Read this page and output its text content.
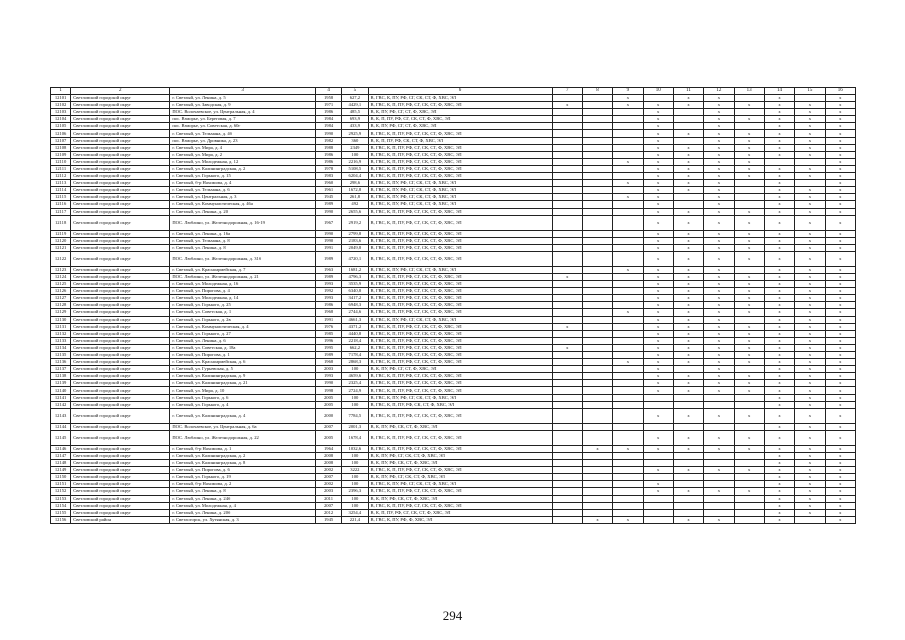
1	2	3	4	5	6	7	8	9	10	11	12	13	14	15	16
12101	Светловский городской округ	г. Светлый, ул. Ленина, д. 5	1958	627,2	В, ГВС, К, ПУ, РФ, СГ, СК, СТ, Ф, ХВС, ЭЛ			x		x	x		x		x
12102	Светловский городской округ	г. Светлый, ул. Заводская, д. 9	1971	4429,1	В, ГВС, К, П, ПУ, РФ, СГ, СК, СТ, Ф, ХВС, ЭЛ	x		x	x	x	x	x	x	x	x
12103	Светловский городской округ	ПОС. Волочаевское, ул. Центральная, д. 4	1986	485,5	В, К, ПУ, РФ, СГ, СТ, Ф, ХВС, ЭЛ				x		x		x	x	x
12104	Светловский городской округ	пос. Взморье, ул. Береговая, д. 7	1984	693,9	В, К, П, ПУ, РФ, СГ, СК, СТ, Ф, ХВС, ЭЛ				x		x	x	x	x	x
12105	Светловский городской округ	пос. Взморье, ул. Советская, д. 60г	1984	433,9	В, К, ПУ, РФ, СГ, СТ, Ф, ХВС, ЭЛ				x		x		x	x	x
12106	Светловский городской округ	г. Светлый, ул. Тельмана, д. 4б	1990	2925,9	В, ГВС, К, П, ПУ, РФ, СГ, СК, СТ, Ф, ХВС, ЭЛ				x	x	x	x	x	x	x
12107	Светловский городской округ	пос. Взморье, ул. Дровника, д. 23	1982	360	В, К, П, ПУ, РФ, СК, СТ, Ф, ХВС, ЭЛ				x		x	x	x	x	x
12108	Светловский городской округ	г. Светлый, ул. Мира, д. 4	1988	2349	В, ГВС, К, П, ПУ, РФ, СГ, СК, СТ, Ф, ХВС, ЭЛ				x	x	x	x	x	x	x
12109	Светловский городской округ	г. Светлый, ул. Мира, д. 2	1986	100	В, ГВС, К, П, ПУ, РФ, СГ, СК, СТ, Ф, ХВС, ЭЛ				x	x	x	x	x	x	x
12110	Светловский городской округ	г. Светлый, ул. Молодежная, д. 12	1986	2216,9	В, ГВС, К, П, ПУ, РФ, СГ, СК, СТ, Ф, ХВС, ЭЛ			x	x	x	x	x			x
12111	Светловский городской округ	г. Светлый, ул. Калининградская, д. 2	1978	5108,5	В, ГВС, К, П, ПУ, РФ, СГ, СК, СТ, Ф, ХВС, ЭЛ				x	x	x	x	x	x	x
12112	Светловский городской округ	г. Светлый, ул. Горького, д. 15	1983	6204,4	В, ГВС, К, П, ПУ, РФ, СГ, СК, СТ, Ф, ХВС, ЭЛ				x	x	x	x	x	x	x
12113	Светловский городской округ	г. Светлый, б-р Нахимова, д. 4	1960	298,6	В, ГВС, К, ПУ, РФ, СГ, СК, СТ, Ф, ХВС, ЭЛ			x	x	x	x		x		x
12114	Светловский городской округ	г. Светлый, ул. Тельмана, д. 6	1961	1672,8	В, ГВС, К, ПУ, РФ, СГ, СК, СТ, Ф, ХВС, ЭЛ				x	x	x		x	x	x
12115	Светловский городской округ	г. Светлый, ул. Центральная, д. 3	1945	261,8	В, ГВС, К, ПУ, РФ, СГ, СК, СТ, Ф, ХВС, ЭЛ			x	x		x		x	x	x
12116	Светловский городской округ	г. Светлый, ул. Коммунистическая, д. 46а	1989	492	В, ГВС, К, ПУ, РФ, СГ, СК, СТ, Ф, ХВС, ЭЛ				x		x		x	x	x
12117	Светловский городской округ	г. Светлый, ул. Ленина, д. 20	1990	2655,6	В, ГВС, К, П, ПУ, РФ, СГ, СК, СТ, Ф, ХВС, ЭЛ				x	x	x	x	x	x	x
12118	Светловский городской округ	ПОС. Люблино, ул. Железнодорожная, д. 16-19	1967	2919,2	В, ГВС, К, П, ПУ, РФ, СГ, СК, СТ, Ф, ХВС, ЭЛ				x	x	x	x	x	x	x
12119	Светловский городской округ	г. Светлый, ул. Ленина, д. 16а	1990	2799,8	В, ГВС, К, П, ПУ, РФ, СГ, СК, СТ, Ф, ХВС, ЭЛ				x	x	x	x	x	x	x
12120	Светловский городской округ	г. Светлый, ул. Тельмана, д. 8	1990	2183,6	В, ГВС, К, П, ПУ, РФ, СГ, СК, СТ, Ф, ХВС, ЭЛ				x	x	x	x	x	x	x
12121	Светловский городской округ	г. Светлый, ул. Ленина, д. 8	1991	2049,8	В, ГВС, К, П, ПУ, РФ, СГ, СК, СТ, Ф, ХВС, ЭЛ				x	x	x	x	x	x	x
12122	Светловский городской округ	ПОС. Люблино, ул. Железнодорожная, д. 31б	1989	4720,1	В, ГВС, К, П, ПУ, РФ, СГ, СК, СТ, Ф, ХВС, ЭЛ				x	x	x	x	x	x	x
12123	Светловский городской округ	г. Светлый, ул. Красноармейская, д. 7	1963	1681,2	В, ГВС, К, ПУ, РФ, СГ, СК, СТ, Ф, ХВС, ЭЛ			x	x	x	x		x	x	x
12124	Светловский городской округ	ПОС. Люблино, ул. Железнодорожная, д. 21	1989	4796,3	В, ГВС, К, П, ПУ, РФ, СГ, СК, СТ, Ф, ХВС, ЭЛ	x			x	x	x	x	x	x	x
12125	Светловский городской округ	г. Светлый, ул. Молодежная, д. 16	1993	3535,9	В, ГВС, К, П, ПУ, РФ, СГ, СК, СТ, Ф, ХВС, ЭЛ				x	x	x	x	x	x	x
12126	Светловский городской округ	г. Светлый, ул. Пирогова, д. 4	1992	6340,8	В, ГВС, К, П, ПУ, РФ, СГ, СК, СТ, Ф, ХВС, ЭЛ				x	x	x	x	x	x	x
12127	Светловский городской округ	г. Светлый, ул. Молодежная, д. 14	1993	3417,2	В, ГВС, К, П, ПУ, РФ, СГ, СК, СТ, Ф, ХВС, ЭЛ				x	x	x	x	x	x	x
12128	Светловский городской округ	г. Светлый, ул. Горького, д. 25	1986	6948,3	В, ГВС, К, П, ПУ, РФ, СГ, СК, СТ, Ф, ХВС, ЭЛ				x	x	x	x	x	x	x
12129	Светловский городской округ	г. Светлый, ул. Советская, д. 1	1968	2744,6	В, ГВС, К, П, ПУ, РФ, СГ, СК, СТ, Ф, ХВС, ЭЛ			x	x	x	x	x	x	x	x
12130	Светловский городской округ	г. Светлый, ул. Горького, д. 2в	1991	4661,3	В, ГВС, К, ПУ, РФ, СГ, СК, СТ, Ф, ХВС, ЭЛ				x	x	x		x	x	x
12131	Светловский городской округ	г. Светлый, ул. Коммунистическая, д. 4	1976	4371,2	В, ГВС, К, П, ПУ, РФ, СГ, СК, СТ, Ф, ХВС, ЭЛ	x			x	x	x	x	x	x	x
12132	Светловский городской округ	г. Светлый, ул. Горького, д. 27	1985	4440,8	В, ГВС, К, П, ПУ, РФ, СГ, СК, СТ, Ф, ХВС, ЭЛ				x	x	x	x	x	x	x
12133	Светловский городской округ	г. Светлый, ул. Ленина, д. 6	1996	2218,4	В, ГВС, К, П, ПУ, РФ, СГ, СК, СТ, Ф, ХВС, ЭЛ				x	x	x	x	x	x	x
12134	Светловский городской округ	г. Светлый, ул. Советская, д. 18а	1995	662,2	В, ГВС, К, П, ПУ, РФ, СГ, СК, СТ, Ф, ХВС, ЭЛ	x			x	x	x	x	x	x	x
12135	Светловский городской округ	г. Светлый, ул. Пирогова, д. 1	1989	7178,4	В, ГВС, К, П, ПУ, РФ, СГ, СК, СТ, Ф, ХВС, ЭЛ				x	x	x	x	x	x	x
12136	Светловский городской округ	г. Светлый, ул. Красноармейская, д. 6	1968	2868,3	В, ГВС, К, П, ПУ, РФ, СГ, СК, СТ, Ф, ХВС, ЭЛ			x	x	x	x	x	x	x	x
12137	Светловский городской округ	г. Светлый, ул. Гурьевская, д. 5	2003	100	В, К, ПУ, РФ, СГ, СТ, Ф, ХВС, ЭЛ				x		x		x	x	x
12138	Светловский городской округ	г. Светлый, ул. Калининградская, д. 9	1993	4659,6	В, ГВС, К, П, ПУ, РФ, СГ, СК, СТ, Ф, ХВС, ЭЛ				x	x	x	x	x	x	x
12139	Светловский городской округ	г. Светлый, ул. Калининградская, д. 21	1990	2325,4	В, ГВС, К, П, ПУ, РФ, СГ, СК, СТ, Ф, ХВС, ЭЛ				x	x	x	x	x	x	x
12140	Светловский городской округ	г. Светлый, ул. Мира, д. 10	1998	2724,9	В, ГВС, К, П, ПУ, РФ, СГ, СК, СТ, Ф, ХВС, ЭЛ				x	x	x	x	x	x	x
12141	Светловский городской округ	г. Светлый, ул. Горького, д. 6	2005	100	В, ГВС, К, ПУ, РФ, СГ, СК, СТ, Ф, ХВС, ЭЛ								x	x	x
12142	Светловский городской округ	г. Светлый, ул. Горького, д. 4	2005	100	В, ГВС, К, П, ПУ, РФ, СК, СТ, Ф, ХВС, ЭЛ								x	x	x
12143	Светловский городской округ	г. Светлый, ул. Калининградская, д. 4	2000	7784,5	В, ГВС, К, П, ПУ, РФ, СГ, СК, СТ, Ф, ХВС, ЭЛ				x	x	x	x	x	x	x
12144	Светловский городской округ	ПОС. Волочаевское, ул. Центральная, д. 6а	2007	2001,3	В, К, ПУ, РФ, СК, СТ, Ф, ХВС, ЭЛ								x	x	x
12145	Светловский городской округ	ПОС. Люблино, ул. Железнодорожная, д. 22	2005	1678,4	В, ГВС, К, П, ПУ, РФ, СГ, СК, СТ, Ф, ХВС, ЭЛ				x	x	x	x	x	x	x
12146	Светловский городской округ	г. Светлый, б-р Нахимова, д. 1	1964	1032,6	В, ГВС, К, П, ПУ, РФ, СГ, СК, СТ, Ф, ХВС, ЭЛ		x	x	x	x	x	x	x	x	x
12147	Светловский городской округ	г. Светлый, ул. Калининградская, д. 2	2008	100	В, К, ПУ, РФ, СГ, СК, СТ, Ф, ХВС, ЭЛ								x	x	x
12148	Светловский городской округ	г. Светлый, ул. Калининградская, д. 8	2008	100	В, К, ПУ, РФ, СК, СТ, Ф, ХВС, ЭЛ								x	x	x
12149	Светловский городской округ	г. Светлый, ул. Пирогова, д. 6	2002	3222	В, ГВС, К, П, ПУ, РФ, СГ, СК, СТ, Ф, ХВС, ЭЛ				x	x	x	x	x	x	x
12150	Светловский городской округ	г. Светлый, ул. Горького, д. 19	2007	100	В, К, ПУ, РФ, СГ, СК, СТ, Ф, ХВС, ЭЛ								x	x	x
12151	Светловский городской округ	г. Светлый, б-р Нахимова, д. 2	2002	100	В, ГВС, К, ПУ, РФ, СГ, СК, СТ, Ф, ХВС, ЭЛ				x				x	x	x
12152	Светловский городской округ	г. Светлый, ул. Ленина, д. 8	2003	2396,3	В, ГВС, К, П, ПУ, РФ, СГ, СК, СТ, Ф, ХВС, ЭЛ				x	x	x	x	x	x	x
12153	Светловский городской округ	г. Светлый, ул. Ленина, д. 24б	2011	100	В, К, ПУ, РФ, СК, СТ, Ф, ХВС, ЭЛ								x	x	x
12154	Светловский городской округ	г. Светлый, ул. Молодежная, д. 4	2007	100	В, ГВС, К, П, ПУ, РФ, СГ, СК, СТ, Ф, ХВС, ЭЛ								x	x	x
12155	Светловский городской округ	г. Светлый, ул. Ленина, д. 20б	2012	3254,4	В, К, П, ПУ, РФ, СГ, СК, СТ, Ф, ХВС, ЭЛ								x	x	x
12156	Светловский район	г. Светлогорск, ул. Хутянская, д. 3	1945	221,4	В, ГВС, К, ПУ, РФ, Ф, ХВС, ЭЛ		x	x		x	x		x		x
294
